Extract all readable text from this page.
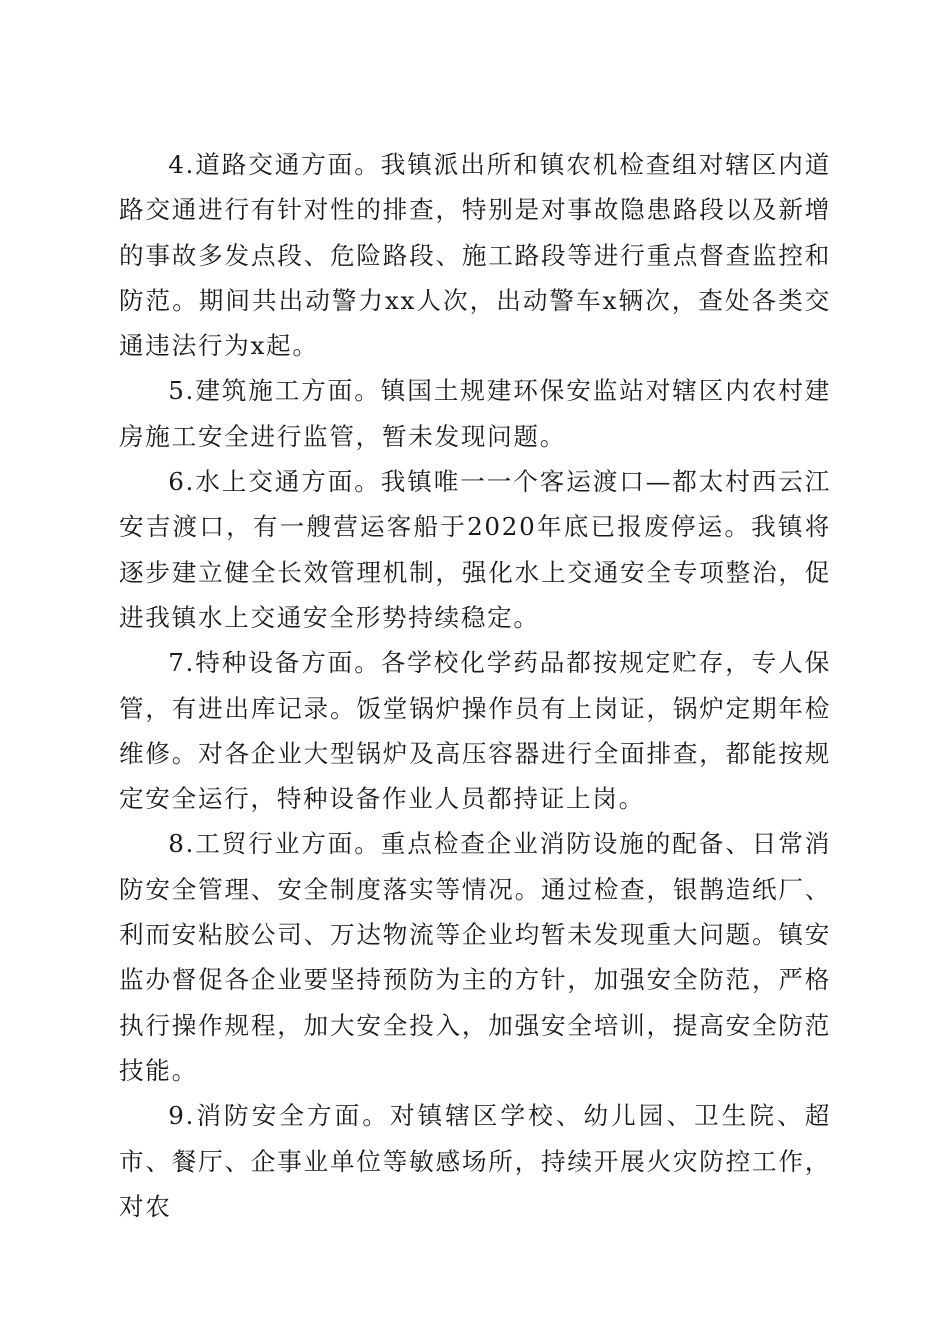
4.道路交通方面。我镇派出所和镇农机检查组对辖区内道路交通进行有针对性的排查，特别是对事故隐患路段以及新增的事故多发点段、危险路段、施工路段等进行重点督查监控和防范。期间共出动警力xx人次，出动警车x辆次，查处各类交通违法行为x起。

5.建筑施工方面。镇国土规建环保安监站对辖区内农村建房施工安全进行监管，暂未发现问题。

6.水上交通方面。我镇唯一一个客运渡口—都太村西云江安吉渡口，有一艘营运客船于2020年底已报废停运。我镇将逐步建立健全长效管理机制，强化水上交通安全专项整治，促进我镇水上交通安全形势持续稳定。

7.特种设备方面。各学校化学药品都按规定贮存，专人保管，有进出库记录。饭堂锅炉操作员有上岗证，锅炉定期年检维修。对各企业大型锅炉及高压容器进行全面排查，都能按规定安全运行，特种设备作业人员都持证上岗。

8.工贸行业方面。重点检查企业消防设施的配备、日常消防安全管理、安全制度落实等情况。通过检查，银鹊造纸厂、利而安粘胶公司、万达物流等企业均暂未发现重大问题。镇安监办督促各企业要坚持预防为主的方针，加强安全防范，严格执行操作规程，加大安全投入，加强安全培训，提高安全防范技能。

9.消防安全方面。对镇辖区学校、幼儿园、卫生院、超市、餐厅、企事业单位等敏感场所，持续开展火灾防控工作，对农
